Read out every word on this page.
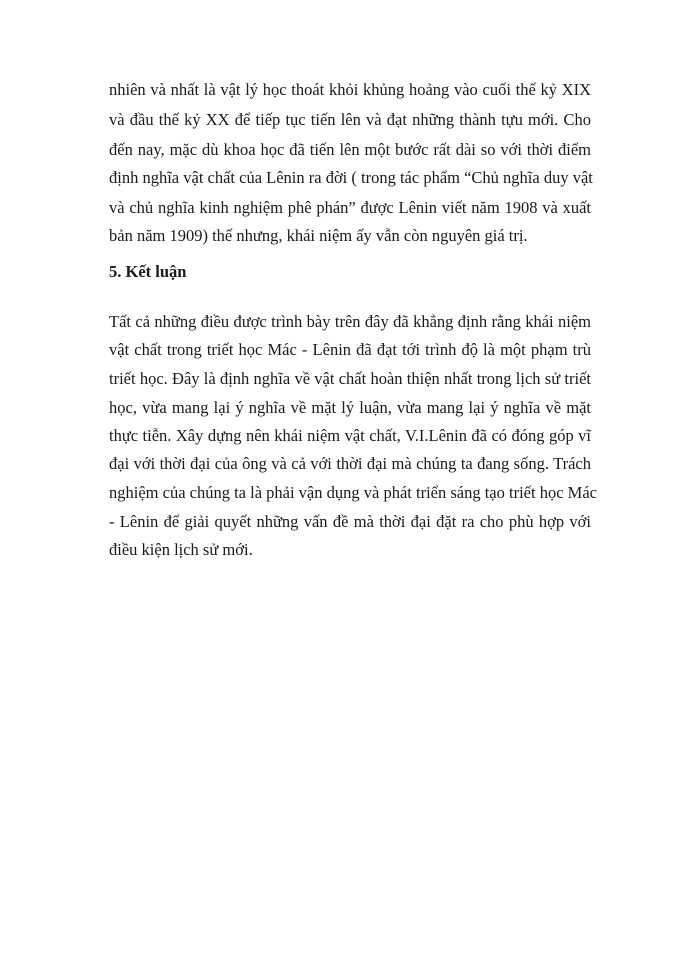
nhiên và nhất là vật lý học thoát khỏi khủng hoảng vào cuối thế kỷ XIX
và đầu thế kỷ XX để tiếp tục tiến lên và đạt những thành tựu mới. Cho
đến nay, mặc dù khoa học đã tiến lên một bước rất dài so với thời điểm
định nghĩa vật chất của Lênin ra đời ( trong tác phẩm “Chủ nghĩa duy vật
và chủ nghĩa kinh nghiệm phê phán” được Lênin viết năm 1908 và xuất
bản năm 1909) thế nhưng, khái niệm ấy vẫn còn nguyên giá trị.
5. Kết luận
Tất cả những điều được trình bày trên đây đã khẳng định rằng khái niệm
vật chất trong triết học Mác - Lênin đã đạt tới trình độ là một phạm trù
triết học. Đây là định nghĩa về vật chất hoàn thiện nhất trong lịch sử triết
học, vừa mang lại ý nghĩa về mặt lý luận, vừa mang lại ý nghĩa về mặt
thực tiễn. Xây dựng nên khái niệm vật chất, V.I.Lênin đã có đóng góp vĩ
đại với thời đại của ông và cả với thời đại mà chúng ta đang sống. Trách
nghiệm của chúng ta là phải vận dụng và phát triển sáng tạo triết học Mác
- Lênin để giải quyết những vấn đề mà thời đại đặt ra cho phù hợp với
điều kiện lịch sử mới.
